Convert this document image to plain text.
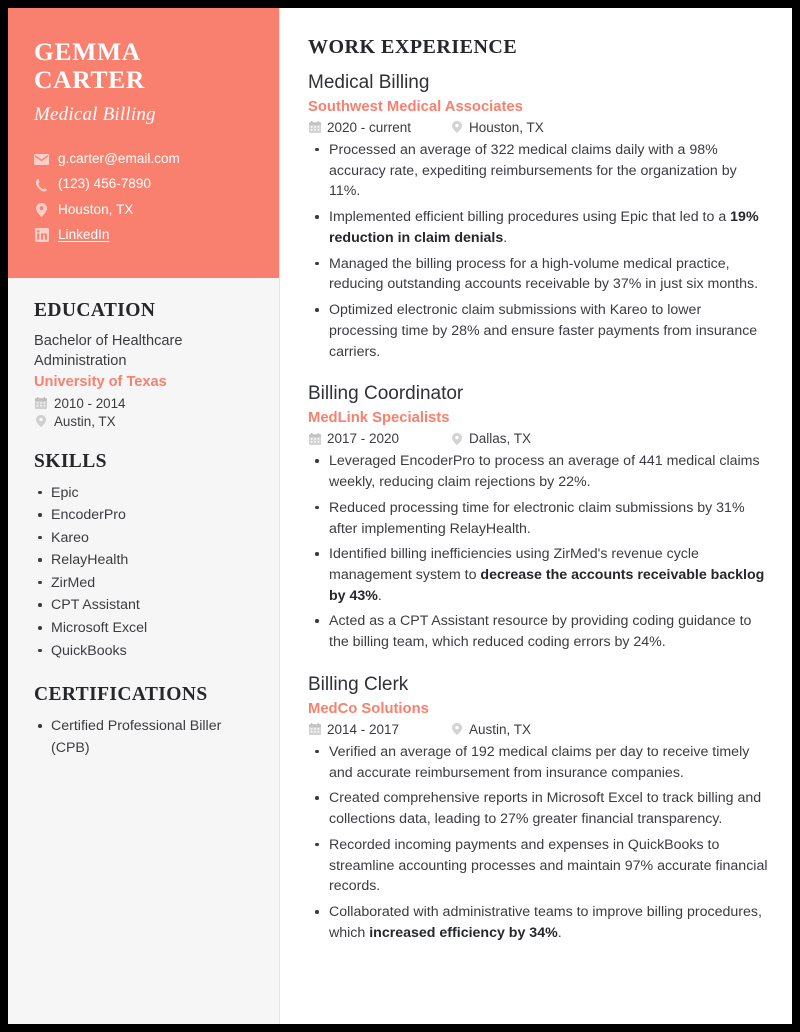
GEMMA CARTER
Medical Billing
g.carter@email.com
(123) 456-7890
Houston, TX
LinkedIn
EDUCATION
Bachelor of Healthcare Administration
University of Texas
2010 - 2014
Austin, TX
SKILLS
Epic
EncoderPro
Kareo
RelayHealth
ZirMed
CPT Assistant
Microsoft Excel
QuickBooks
CERTIFICATIONS
Certified Professional Biller (CPB)
WORK EXPERIENCE
Medical Billing
Southwest Medical Associates
2020 - current	Houston, TX
Processed an average of 322 medical claims daily with a 98% accuracy rate, expediting reimbursements for the organization by 11%.
Implemented efficient billing procedures using Epic that led to a 19% reduction in claim denials.
Managed the billing process for a high-volume medical practice, reducing outstanding accounts receivable by 37% in just six months.
Optimized electronic claim submissions with Kareo to lower processing time by 28% and ensure faster payments from insurance carriers.
Billing Coordinator
MedLink Specialists
2017 - 2020	Dallas, TX
Leveraged EncoderPro to process an average of 441 medical claims weekly, reducing claim rejections by 22%.
Reduced processing time for electronic claim submissions by 31% after implementing RelayHealth.
Identified billing inefficiencies using ZirMed's revenue cycle management system to decrease the accounts receivable backlog by 43%.
Acted as a CPT Assistant resource by providing coding guidance to the billing team, which reduced coding errors by 24%.
Billing Clerk
MedCo Solutions
2014 - 2017	Austin, TX
Verified an average of 192 medical claims per day to receive timely and accurate reimbursement from insurance companies.
Created comprehensive reports in Microsoft Excel to track billing and collections data, leading to 27% greater financial transparency.
Recorded incoming payments and expenses in QuickBooks to streamline accounting processes and maintain 97% accurate financial records.
Collaborated with administrative teams to improve billing procedures, which increased efficiency by 34%.
